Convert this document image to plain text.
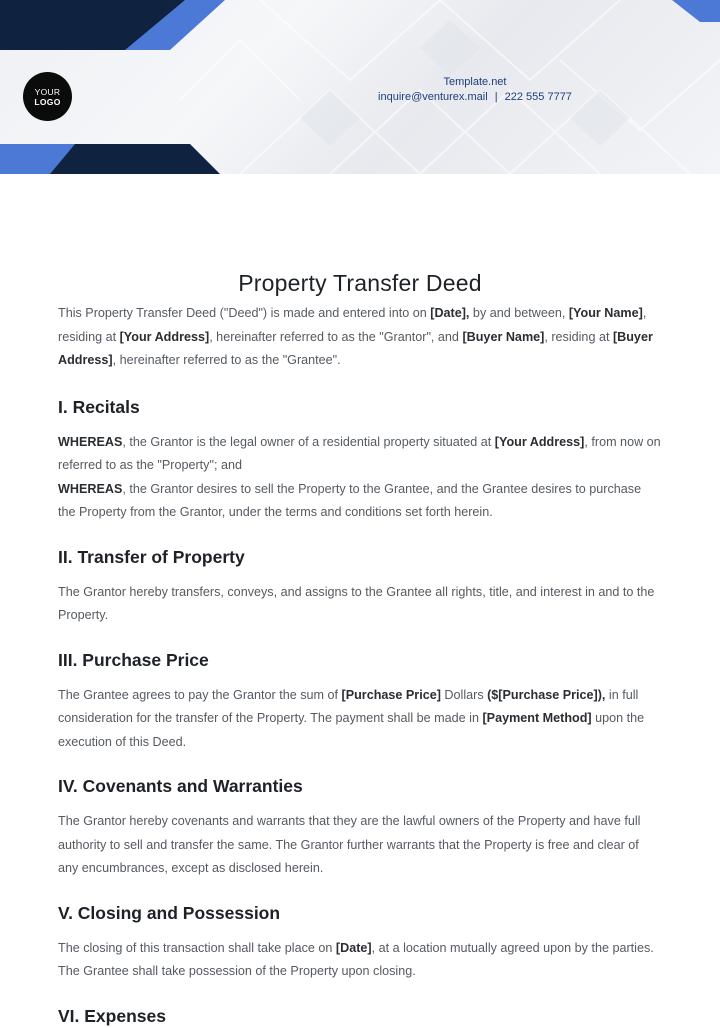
YOUR
LOGO
Template.net
inquire@venturex.mail | 222 555 7777
Property Transfer Deed

This Property Transfer Deed ("Deed") is made and entered into on [Date], by and between, [Your Name], residing at [Your Address], hereinafter referred to as the "Grantor", and [Buyer Name], residing at [Buyer Address], hereinafter referred to as the "Grantee".

I. Recitals

WHEREAS, the Grantor is the legal owner of a residential property situated at [Your Address], from now on referred to as the "Property"; and

WHEREAS, the Grantor desires to sell the Property to the Grantee, and the Grantee desires to purchase the Property from the Grantor, under the terms and conditions set forth herein.

II. Transfer of Property

The Grantor hereby transfers, conveys, and assigns to the Grantee all rights, title, and interest in and to the Property.

III. Purchase Price

The Grantee agrees to pay the Grantor the sum of [Purchase Price] Dollars ($[Purchase Price]), in full consideration for the transfer of the Property. The payment shall be made in [Payment Method] upon the execution of this Deed.

IV. Covenants and Warranties

The Grantor hereby covenants and warrants that they are the lawful owners of the Property and have full authority to sell and transfer the same. The Grantor further warrants that the Property is free and clear of any encumbrances, except as disclosed herein.

V. Closing and Possession

The closing of this transaction shall take place on [Date], at a location mutually agreed upon by the parties. The Grantee shall take possession of the Property upon closing.

VI. Expenses
